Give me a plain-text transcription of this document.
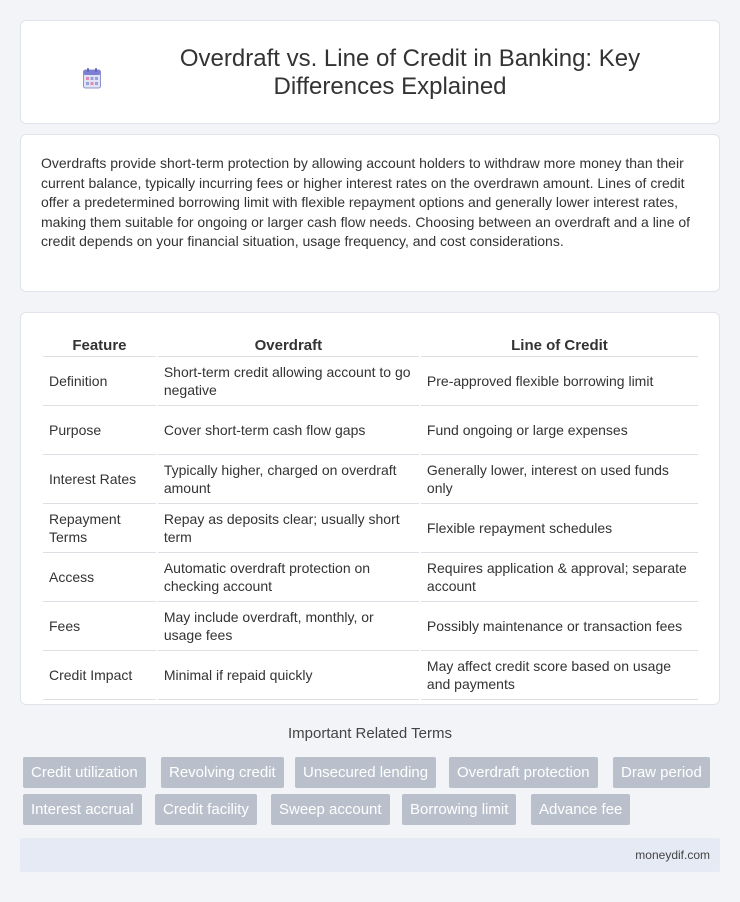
Overdraft vs. Line of Credit in Banking: Key Differences Explained

Overdrafts provide short-term protection by allowing account holders to withdraw more money than their current balance, typically incurring fees or higher interest rates on the overdrawn amount. Lines of credit offer a predetermined borrowing limit with flexible repayment options and generally lower interest rates, making them suitable for ongoing or larger cash flow needs. Choosing between an overdraft and a line of credit depends on your financial situation, usage frequency, and cost considerations.

Feature	Overdraft	Line of Credit
Definition	Short-term credit allowing account to go negative	Pre-approved flexible borrowing limit
Purpose	Cover short-term cash flow gaps	Fund ongoing or large expenses
Interest Rates	Typically higher, charged on overdraft amount	Generally lower, interest on used funds only
Repayment Terms	Repay as deposits clear; usually short term	Flexible repayment schedules
Access	Automatic overdraft protection on checking account	Requires application & approval; separate account
Fees	May include overdraft, monthly, or usage fees	Possibly maintenance or transaction fees
Credit Impact	Minimal if repaid quickly	May affect credit score based on usage and payments
Important Related Terms
Credit utilization	Revolving credit	Unsecured lending	Overdraft protection	Draw period
Interest accrual	Credit facility	Sweep account	Borrowing limit	Advance fee
moneydif.com
